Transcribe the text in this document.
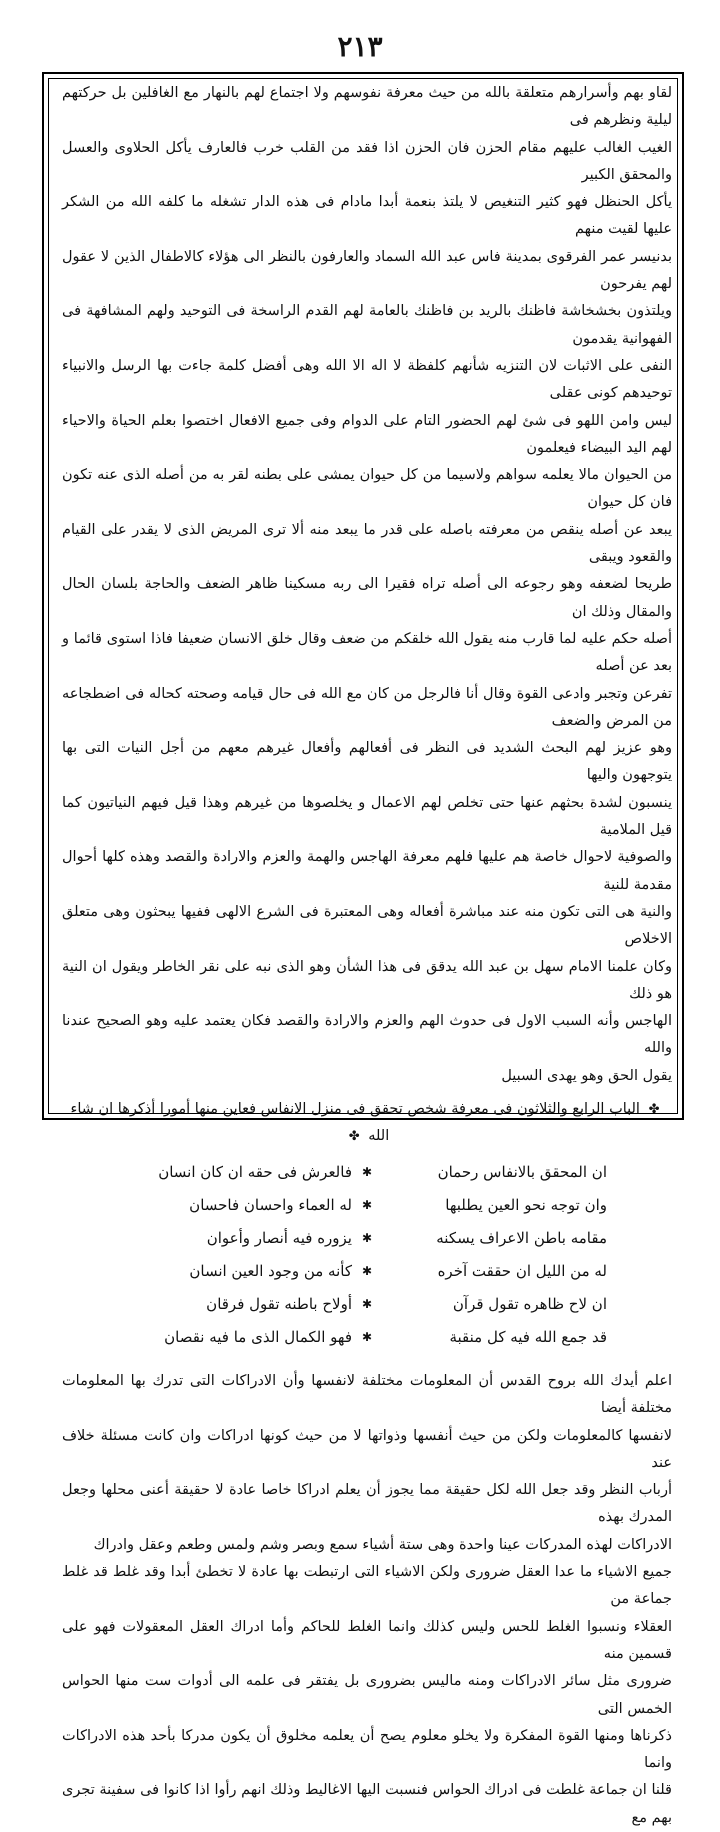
٢١٣
لقاو بهم وأسرارهم متعلقة بالله من حيث معرفة نفوسهم ولا اجتماع لهم بالنهار مع الغافلين بل حركتهم ليلية ونظرهم فى
الغيب الغالب عليهم مقام الحزن فان الحزن اذا فقد من القلب خرب فالعارف يأكل الحلاوى والعسل والمحقق الكبير
يأكل الحنظل فهو كثير التنغيص لا يلتذ بنعمة أبدا مادام فى هذه الدار تشغله ما كلفه الله من الشكر عليها لقيت منهم
بدنيسر عمر الفرقوى بمدينة فاس عبد الله السماد والعارفون بالنظر الى هؤلاء كالاطفال الذين لا عقول لهم يفرحون
ويلتذون بخشخاشة فاظنك بالريد بن فاظنك بالعامة لهم القدم الراسخة فى التوحيد ولهم المشافهة فى الفهوانية يقدمون
النفى على الاثبات لان التنزيه شأنهم كلفظة لا اله الا الله وهى أفضل كلمة جاءت بها الرسل والانبياء توحيدهم كونى عقلى
ليس وامن اللهو فى شئ لهم الحضور التام على الدوام وفى جميع الافعال اختصوا بعلم الحياة والاحياء لهم اليد البيضاء فيعلمون
من الحيوان مالا يعلمه سواهم ولاسيما من كل حيوان يمشى على بطنه لقر به من أصله الذى عنه تكون فان كل حيوان
يبعد عن أصله ينقص من معرفته باصله على قدر ما يبعد منه ألا ترى المريض الذى لا يقدر على القيام والقعود ويبقى
طريحا لضعفه وهو رجوعه الى أصله تراه فقيرا الى ربه مسكينا ظاهر الضعف والحاجة بلسان الحال والمقال وذلك ان
أصله حكم عليه لما قارب منه يقول الله خلقكم من ضعف وقال خلق الانسان ضعيفا فاذا استوى قائما و بعد عن أصله
تفرعن وتجبر وادعى القوة وقال أنا فالرجل من كان مع الله فى حال قيامه وصحته كحاله فى اضطجاعه من المرض والضعف
وهو عزيز لهم البحث الشديد فى النظر فى أفعالهم وأفعال غيرهم معهم من أجل النيات التى بها يتوجهون واليها
ينسبون لشدة بحثهم عنها حتى تخلص لهم الاعمال و يخلصوها من غيرهم وهذا قيل فيهم النياتيون كما قيل الملامية
والصوفية لاحوال خاصة هم عليها فلهم معرفة الهاجس والهمة والعزم والارادة والقصد وهذه كلها أحوال مقدمة للنية
والنية هى التى تكون منه عند مباشرة أفعاله وهى المعتبرة فى الشرع الالهى ففيها يبحثون وهى متعلق الاخلاص
وكان علمنا الامام سهل بن عبد الله يدقق فى هذا الشأن وهو الذى نبه على نقر الخاطر ويقول ان النية هو ذلك
الهاجس وأنه السبب الاول فى حدوث الهم والعزم والارادة والقصد فكان يعتمد عليه وهو الصحيح عندنا والله
يقول الحق وهو يهدى السبيل
✤ الباب الرابع والثلاثون فى معرفة شخص تحقق فى منزل الانفاس فعاين منها أمورا أذكرها ان شاء الله ✤
ان المحقق بالانفاس رحمان
✱
فالعرش فى حقه ان كان انسان
وان توجه نحو العين يطلبها
✱
له العماء واحسان فاحسان
مقامه باطن الاعراف يسكنه
✱
يزوره فيه أنصار وأعوان
له من الليل ان حققت آخره
✱
كأنه من وجود العين انسان
ان لاح ظاهره تقول قرآن
✱
أولاح باطنه تقول فرقان
قد جمع الله فيه كل منقبة
✱
فهو الكمال الذى ما فيه نقصان
اعلم أيدك الله بروح القدس أن المعلومات مختلفة لانفسها وأن الادراكات التى تدرك بها المعلومات مختلفة أيضا
لانفسها كالمعلومات ولكن من حيث أنفسها وذواتها لا من حيث كونها ادراكات وان كانت مسئلة خلاف عند
أرباب النظر وقد جعل الله لكل حقيقة مما يجوز أن يعلم ادراكا خاصا عادة لا حقيقة أعنى محلها وجعل المدرك بهذه
الادراكات لهذه المدركات عينا واحدة وهى ستة أشياء سمع وبصر وشم ولمس وطعم وعقل وادراك
جميع الاشياء ما عدا العقل ضرورى ولكن الاشياء التى ارتبطت بها عادة لا تخطئ أبدا وقد غلط قد غلط جماعة من
العقلاء ونسبوا الغلط للحس وليس كذلك وانما الغلط للحاكم وأما ادراك العقل المعقولات فهو على قسمين منه
ضرورى مثل سائر الادراكات ومنه ماليس بضرورى بل يفتقر فى علمه الى أدوات ست منها الحواس الخمس التى
ذكرناها ومنها القوة المفكرة ولا يخلو معلوم يصح أن يعلمه مخلوق أن يكون مدركا بأحد هذه الادراكات وانما
قلنا ان جماعة غلطت فى ادراك الحواس فنسبت اليها الاغاليط وذلك انهم رأوا اذا كانوا فى سفينة تجرى بهم مع
